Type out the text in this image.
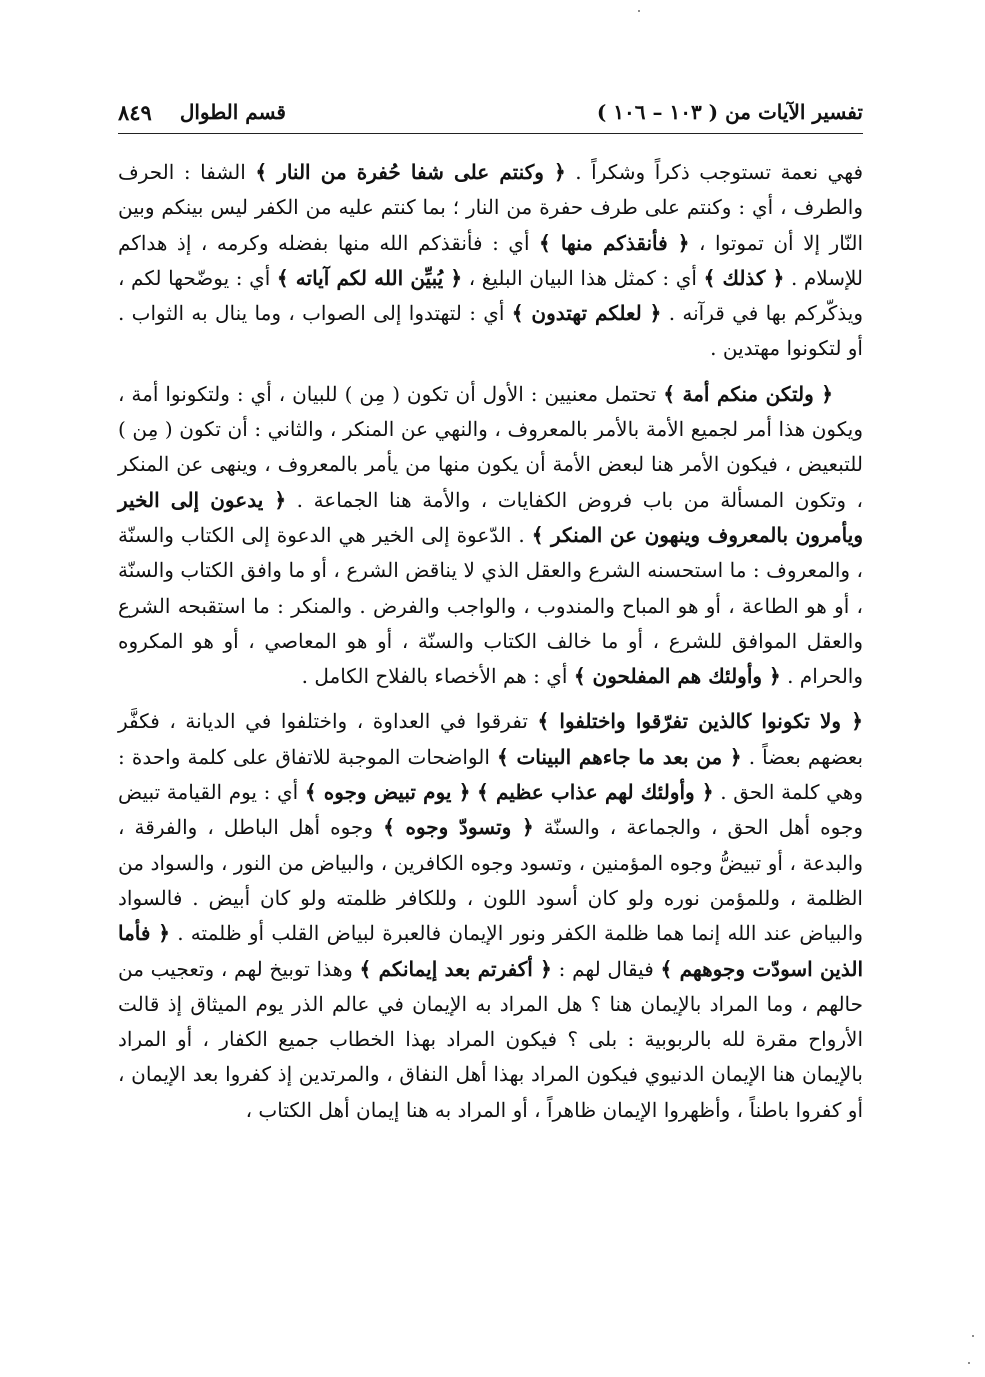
تفسير الآيات من ( ١٠٣ – ١٠٦ )
قسم الطوال
٨٤٩

فهي نعمة تستوجب ذكراً وشكراً . ﴿ وكنتم على شفا حُفرة من النار ﴾ الشفا : الحرف والطرف ، أي : وكنتم على طرف حفرة من النار ؛ بما كنتم عليه من الكفر ليس بينكم وبين النّار إلا أن تموتوا ، ﴿ فأنقذكم منها ﴾ أي : فأنقذكم الله منها بفضله وكرمه ، إذ هداكم للإسلام . ﴿ كذلك ﴾ أي : كمثل هذا البيان البليغ ، ﴿ يُبيِّن الله لكم آياته ﴾ أي : يوضّحها لكم ، ويذكّركم بها في قرآنه . ﴿ لعلكم تهتدون ﴾ أي : لتهتدوا إلى الصواب ، وما ينال به الثواب . أو لتكونوا مهتدين .

﴿ ولتكن منكم أمة ﴾ تحتمل معنيين : الأول أن تكون ( مِن ) للبيان ، أي : ولتكونوا أمة ، ويكون هذا أمر لجميع الأمة بالأمر بالمعروف ، والنهي عن المنكر ، والثاني : أن تكون ( مِن ) للتبعيض ، فيكون الأمر هنا لبعض الأمة أن يكون منها من يأمر بالمعروف ، وينهى عن المنكر ، وتكون المسألة من باب فروض الكفايات ، والأمة هنا الجماعة . ﴿ يدعون إلى الخير ويأمرون بالمعروف وينهون عن المنكر ﴾ . الدّعوة إلى الخير هي الدعوة إلى الكتاب والسنّة ، والمعروف : ما استحسنه الشرع والعقل الذي لا يناقض الشرع ، أو ما وافق الكتاب والسنّة ، أو هو الطاعة ، أو هو المباح والمندوب ، والواجب والفرض . والمنكر : ما استقبحه الشرع والعقل الموافق للشرع ، أو ما خالف الكتاب والسنّة ، أو هو المعاصي ، أو هو المكروه والحرام . ﴿ وأولئك هم المفلحون ﴾ أي : هم الأخصاء بالفلاح الكامل .

﴿ ولا تكونوا كالذين تفرّقوا واختلفوا ﴾ تفرقوا في العداوة ، واختلفوا في الديانة ، فكفَّر بعضهم بعضاً . ﴿ من بعد ما جاءهم البينات ﴾ الواضحات الموجبة للاتفاق على كلمة واحدة : وهي كلمة الحق . ﴿ وأولئك لهم عذاب عظيم ﴾ ﴿ يوم تبيض وجوه ﴾ أي : يوم القيامة تبيض وجوه أهل الحق ، والجماعة ، والسنّة ﴿ وتسودّ وجوه ﴾ وجوه أهل الباطل ، والفرقة ، والبدعة ، أو تبيضُّ وجوه المؤمنين ، وتسود وجوه الكافرين ، والبياض من النور ، والسواد من الظلمة ، وللمؤمن نوره ولو كان أسود اللون ، وللكافر ظلمته ولو كان أبيض . فالسواد والبياض عند الله إنما هما ظلمة الكفر ونور الإيمان فالعبرة لبياض القلب أو ظلمته . ﴿ فأما الذين اسودّت وجوههم ﴾ فيقال لهم : ﴿ أكفرتم بعد إيمانكم ﴾ وهذا توبيخ لهم ، وتعجيب من حالهم ، وما المراد بالإيمان هنا ؟ هل المراد به الإيمان في عالم الذر يوم الميثاق إذ قالت الأرواح مقرة لله بالربوبية : بلى ؟ فيكون المراد بهذا الخطاب جميع الكفار ، أو المراد بالإيمان هنا الإيمان الدنيوي فيكون المراد بهذا أهل النفاق ، والمرتدين إذ كفروا بعد الإيمان ، أو كفروا باطناً ، وأظهروا الإيمان ظاهراً ، أو المراد به هنا إيمان أهل الكتاب ،
